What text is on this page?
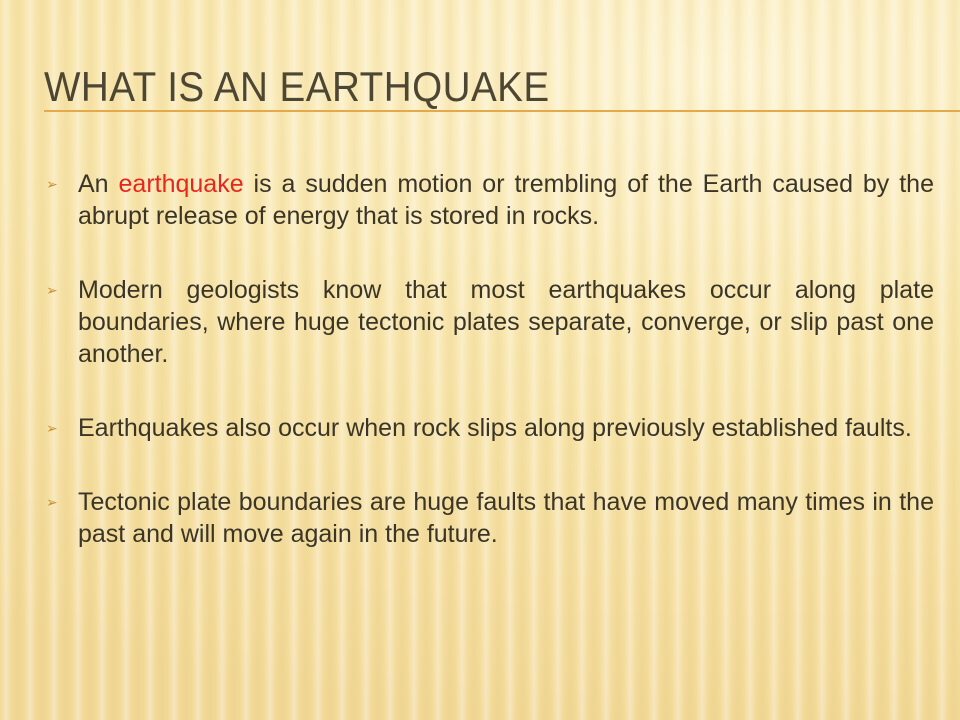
WHAT IS AN EARTHQUAKE
➢ An earthquake is a sudden motion or trembling of the Earth caused by the abrupt release of energy that is stored in rocks.
➢ Modern geologists know that most earthquakes occur along plate boundaries, where huge tectonic plates separate, converge, or slip past one another.
➢ Earthquakes also occur when rock slips along previously established faults.
➢ Tectonic plate boundaries are huge faults that have moved many times in the past and will move again in the future.
